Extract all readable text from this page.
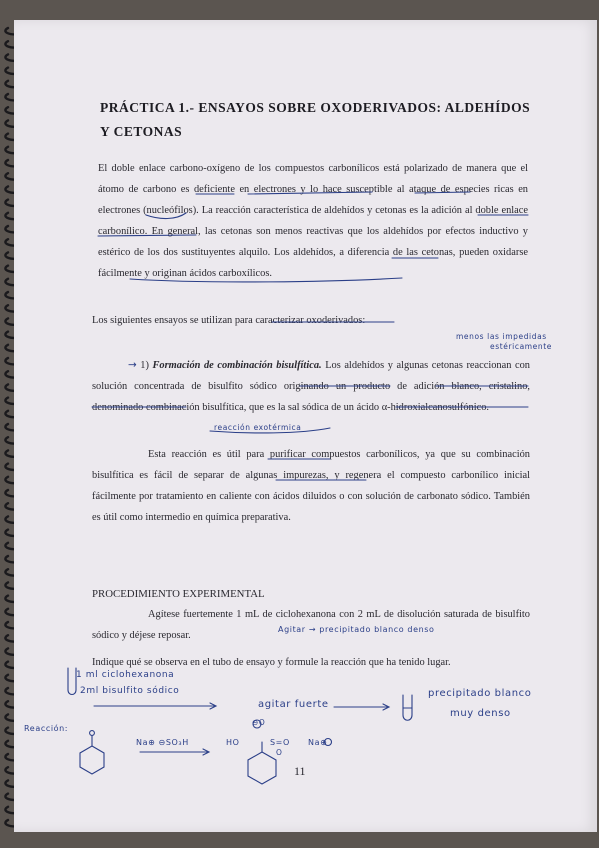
PRÁCTICA 1.- ENSAYOS SOBRE OXODERIVADOS: ALDEHÍDOS Y CETONAS
El doble enlace carbono-oxígeno de los compuestos carbonílicos está polarizado de manera que el átomo de carbono es deficiente en electrones y lo hace susceptible al ataque de especies ricas en electrones (nucleófilos). La reacción característica de aldehídos y cetonas es la adición al doble enlace carbonílico. En general, las cetonas son menos reactivas que los aldehídos por efectos inductivo y estérico de los dos sustituyentes alquilo. Los aldehídos, a diferencia de las cetonas, pueden oxidarse fácilmente y originan ácidos carboxílicos.
Los siguientes ensayos se utilizan para caracterizar oxoderivados:
menos las impedidas
estéricamente
→ 1) Formación de combinación bisulfítica. Los aldehídos y algunas cetonas reaccionan con solución concentrada de bisulfito sódico originando un producto de adición blanco, cristalino, denominado combinación bisulfítica, que es la sal sódica de un ácido α-hidroxialcanosulfónico.
reacción exotérmica
Esta reacción es útil para purificar compuestos carbonílicos, ya que su combinación bisulfítica es fácil de separar de algunas impurezas, y regenera el compuesto carbonílico inicial fácilmente por tratamiento en caliente con ácidos diluidos o con solución de carbonato sódico. También es útil como intermedio en química preparativa.
PROCEDIMIENTO EXPERIMENTAL
Agítese fuertemente 1 mL de ciclohexanona con 2 mL de disolución saturada de bisulfito sódico y déjese reposar.
Agitar → precipitado blanco denso
Indique qué se observa en el tubo de ensayo y formule la reacción que ha tenido lugar.
1 ml ciclohexanona
2ml bisulfito sódico
agitar fuerte
precipitado blanco
muy denso
Reacción:
Na⊕ ⊖SO₃H	HO
⊖O
S=O
O
Na⊕
11
